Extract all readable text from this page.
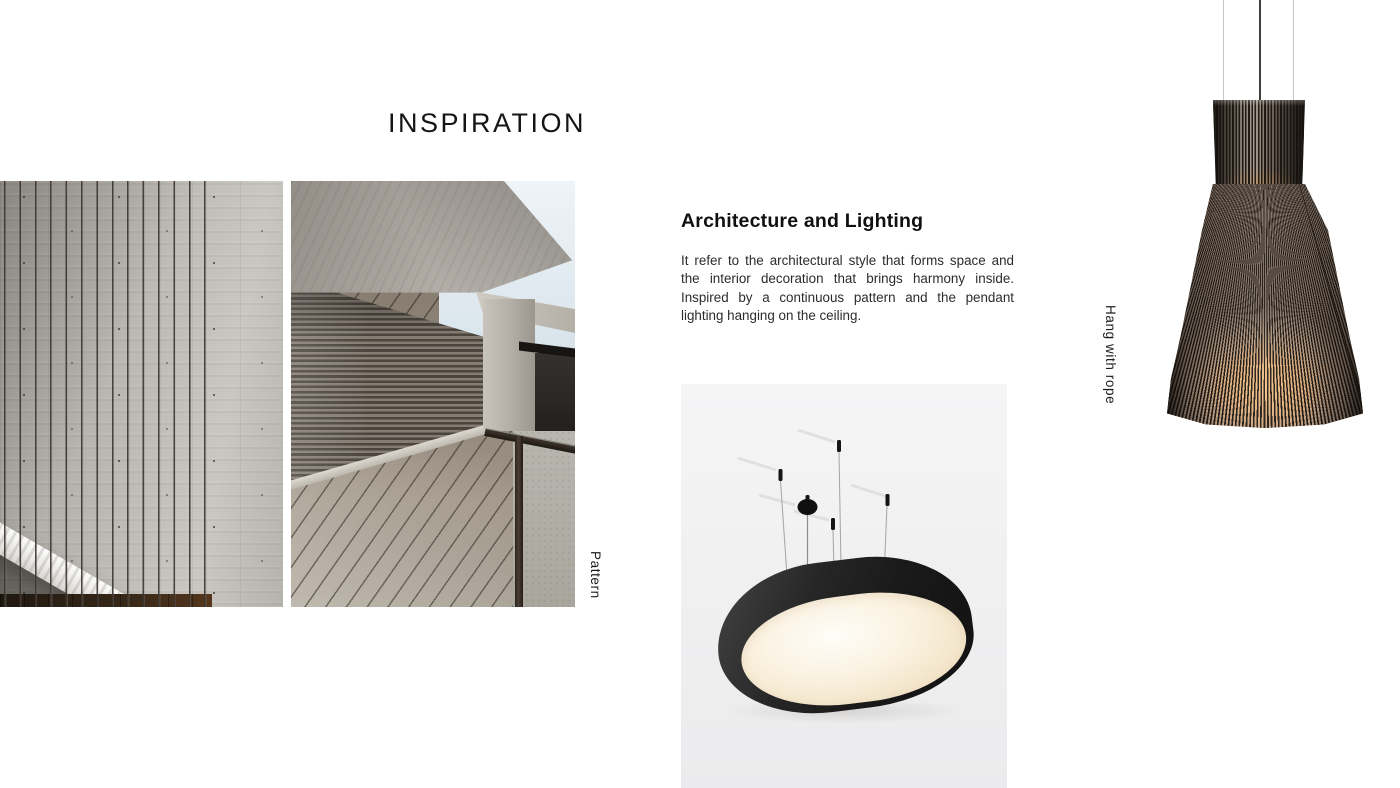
INSPIRATION
Pattern
Architecture and Lighting

It refer to the architectural style that forms space and the interior decoration that brings harmony inside. Inspired by a continuous pattern and the pendant lighting hanging on the ceiling.	Hang with rope
